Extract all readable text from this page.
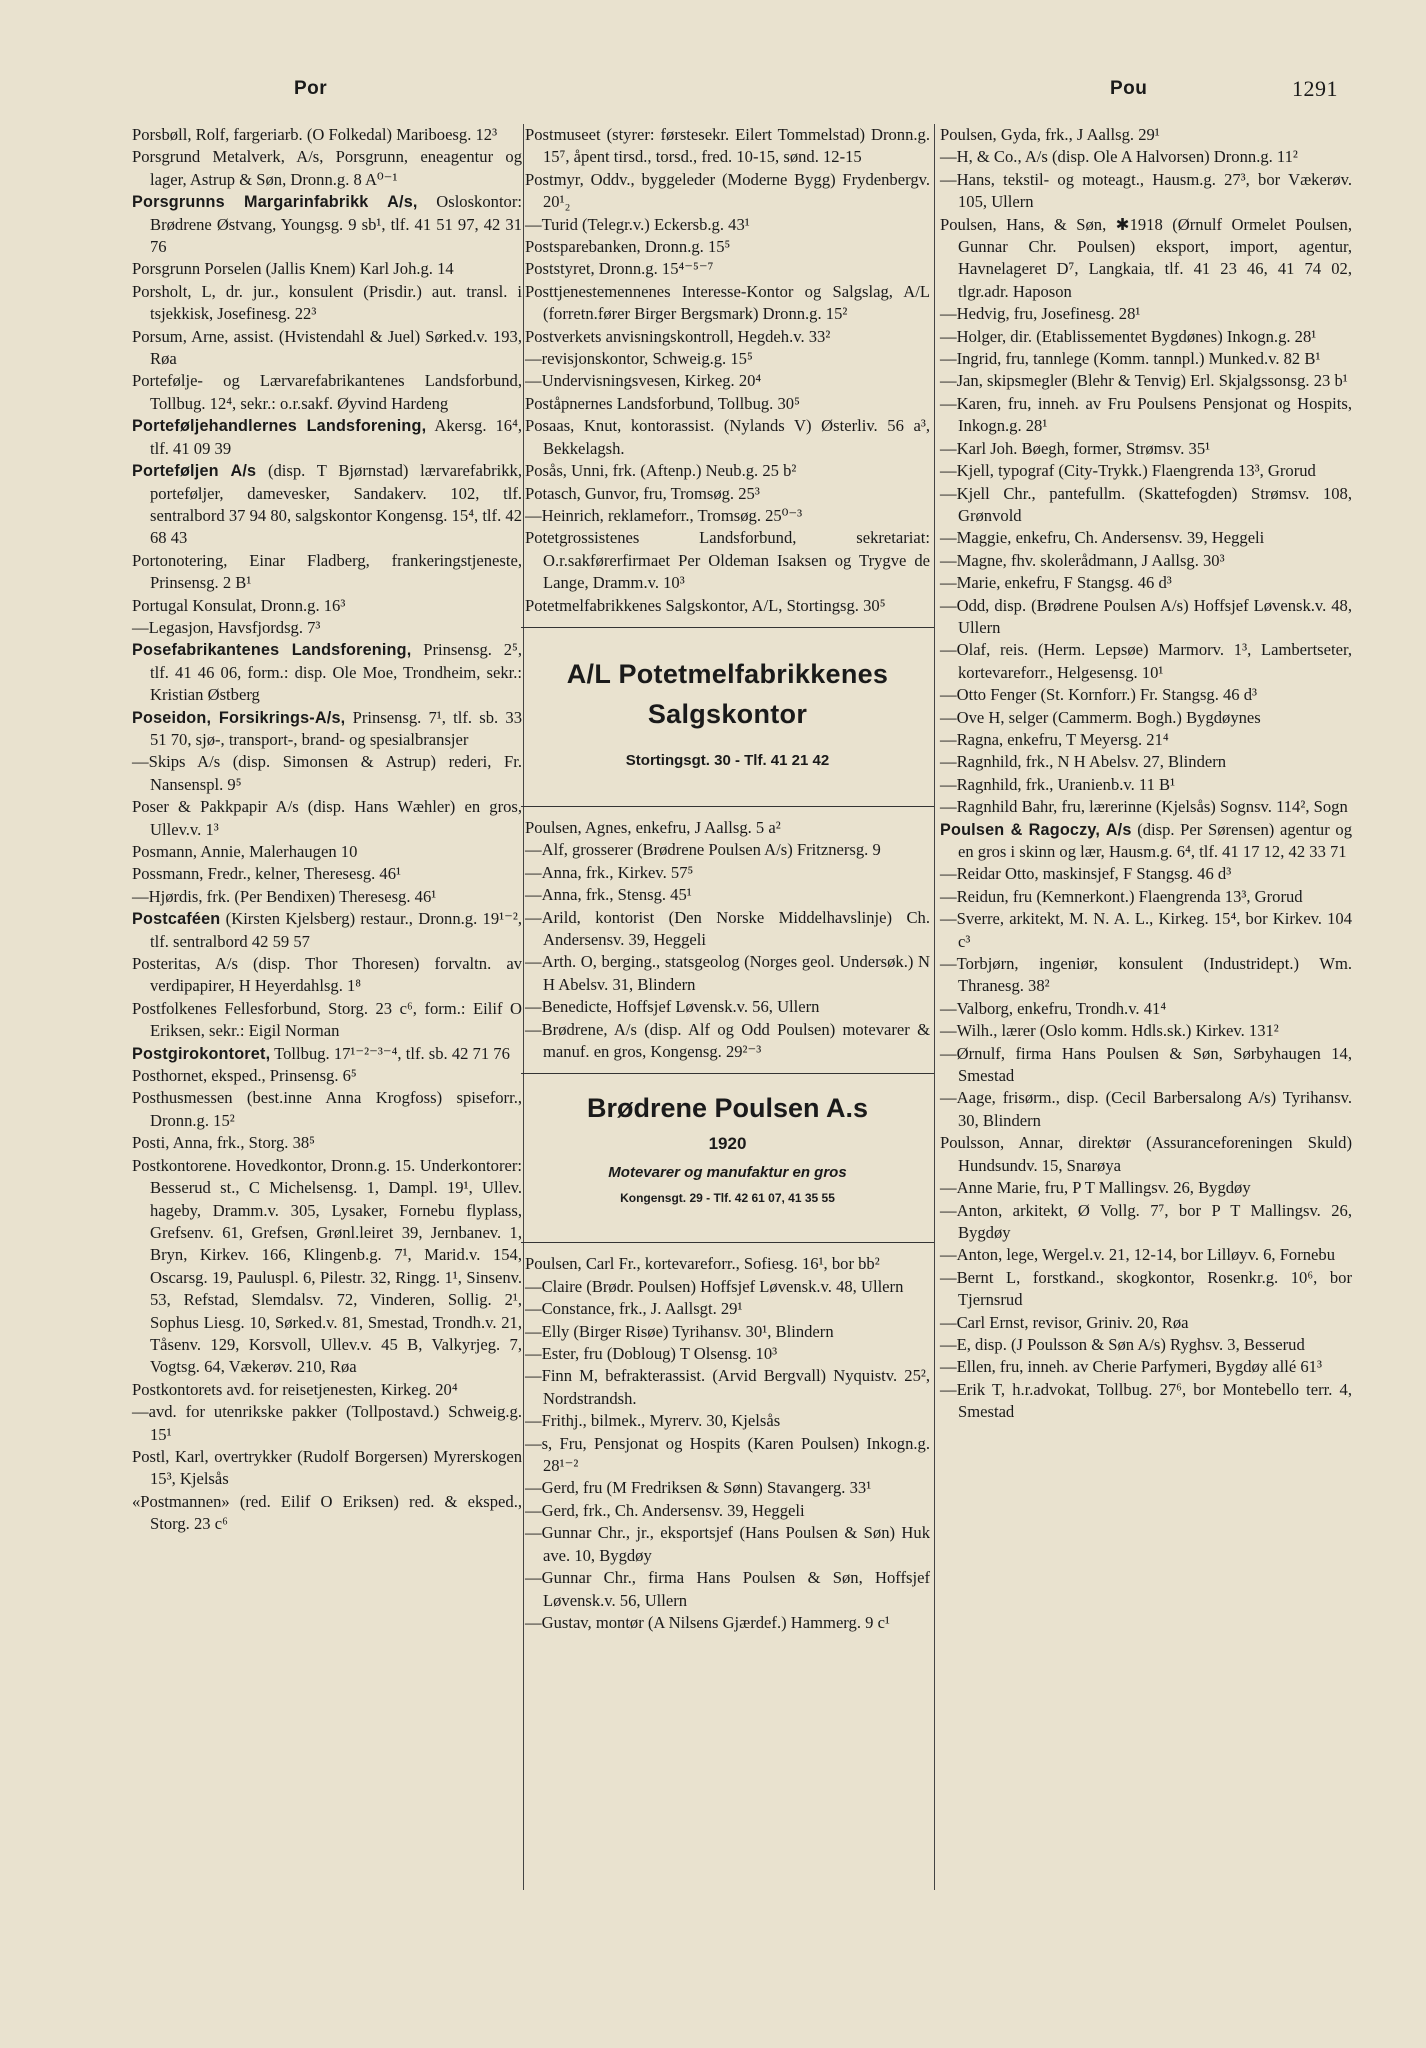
Por	Pou	1291

Porsbøll, Rolf, fargeriarb. (O Folkedal) Mariboesg. 12³

Porsgrund Metalverk, A/s, Porsgrunn, eneagentur og lager, Astrup & Søn, Dronn.g. 8 A⁰⁻¹

Porsgrunns Margarinfabrikk A/s, Osloskontor: Brødrene Østvang, Youngsg. 9 sb¹, tlf. 41 51 97, 42 31 76

Porsgrunn Porselen (Jallis Knem) Karl Joh.g. 14

Porsholt, L, dr. jur., konsulent (Prisdir.) aut. transl. i tsjekkisk, Josefinesg. 22³

Porsum, Arne, assist. (Hvistendahl & Juel) Sørked.v. 193, Røa

Portefølje- og Lærvarefabrikantenes Landsforbund, Tollbug. 12⁴, sekr.: o.r.sakf. Øyvind Hardeng

Porteføljehandlernes Landsforening, Akersg. 16⁴, tlf. 41 09 39

Porteføljen A/s (disp. T Bjørnstad) lærvarefabrikk, porteføljer, damevesker, Sandakerv. 102, tlf. sentralbord 37 94 80, salgskontor Kongensg. 15⁴, tlf. 42 68 43

Portonotering, Einar Fladberg, frankeringstjeneste, Prinsensg. 2 B¹

Portugal Konsulat, Dronn.g. 16³

—Legasjon, Havsfjordsg. 7³

Posefabrikantenes Landsforening, Prinsensg. 2⁵, tlf. 41 46 06, form.: disp. Ole Moe, Trondheim, sekr.: Kristian Østberg

Poseidon, Forsikrings-A/s, Prinsensg. 7¹, tlf. sb. 33 51 70, sjø-, transport-, brand- og spesialbransjer

—Skips A/s (disp. Simonsen & Astrup) rederi, Fr. Nansenspl. 9⁵

Poser & Pakkpapir A/s (disp. Hans Wæhler) en gros, Ullev.v. 1³

Posmann, Annie, Malerhaugen 10

Possmann, Fredr., kelner, Theresesg. 46¹

—Hjørdis, frk. (Per Bendixen) Theresesg. 46¹

Postcaféen (Kirsten Kjelsberg) restaur., Dronn.g. 19¹⁻², tlf. sentralbord 42 59 57

Posteritas, A/s (disp. Thor Thoresen) forvaltn. av verdipapirer, H Heyerdahlsg. 1⁸

Postfolkenes Fellesforbund, Storg. 23 c⁶, form.: Eilif O Eriksen, sekr.: Eigil Norman

Postgirokontoret, Tollbug. 17¹⁻²⁻³⁻⁴, tlf. sb. 42 71 76

Posthornet, eksped., Prinsensg. 6⁵

Posthusmessen (best.inne Anna Krogfoss) spiseforr., Dronn.g. 15²

Posti, Anna, frk., Storg. 38⁵

Postkontorene. Hovedkontor, Dronn.g. 15. Underkontorer: Besserud st., C Michelsensg. 1, Dampl. 19¹, Ullev. hageby, Dramm.v. 305, Lysaker, Fornebu flyplass, Grefsenv. 61, Grefsen, Grønl.leiret 39, Jernbanev. 1, Bryn, Kirkev. 166, Klingenb.g. 7¹, Marid.v. 154, Oscarsg. 19, Pauluspl. 6, Pilestr. 32, Ringg. 1¹, Sinsenv. 53, Refstad, Slemdalsv. 72, Vinderen, Sollig. 2¹, Sophus Liesg. 10, Sørked.v. 81, Smestad, Trondh.v. 21, Tåsenv. 129, Korsvoll, Ullev.v. 45 B, Valkyrjeg. 7, Vogtsg. 64, Vækerøv. 210, Røa

Postkontorets avd. for reisetjenesten, Kirkeg. 20⁴

—avd. for utenrikske pakker (Tollpostavd.) Schweig.g. 15¹

Postl, Karl, overtrykker (Rudolf Borgersen) Myrerskogen 15³, Kjelsås

«Postmannen» (red. Eilif O Eriksen) red. & eksped., Storg. 23 c⁶

Postmuseet (styrer: førstesekr. Eilert Tommelstad) Dronn.g. 15⁷, åpent tirsd., torsd., fred. 10-15, sønd. 12-15

Postmyr, Oddv., byggeleder (Moderne Bygg) Frydenbergv. 20¹₂

—Turid (Telegr.v.) Eckersb.g. 43¹

Postsparebanken, Dronn.g. 15⁵

Poststyret, Dronn.g. 15⁴⁻⁵⁻⁷

Posttjenestemennenes Interesse-Kontor og Salgslag, A/L (forretn.fører Birger Bergsmark) Dronn.g. 15²

Postverkets anvisningskontroll, Hegdeh.v. 33²

—revisjonskontor, Schweig.g. 15⁵

—Undervisningsvesen, Kirkeg. 20⁴

Poståpnernes Landsforbund, Tollbug. 30⁵

Posaas, Knut, kontorassist. (Nylands V) Østerliv. 56 a³, Bekkelagsh.

Posås, Unni, frk. (Aftenp.) Neub.g. 25 b²

Potasch, Gunvor, fru, Tromsøg. 25³

—Heinrich, reklameforr., Tromsøg. 25⁰⁻³

Potetgrossistenes Landsforbund, sekretariat: O.r.sakførerfirmaet Per Oldeman Isaksen og Trygve de Lange, Dramm.v. 10³

Potetmelfabrikkenes Salgskontor, A/L, Stortingsg. 30⁵

A/L Potetmelfabrikkenes
Salgskontor
Stortingsgt. 30 - Tlf. 41 21 42

Poulsen, Agnes, enkefru, J Aallsg. 5 a²

—Alf, grosserer (Brødrene Poulsen A/s) Fritznersg. 9

—Anna, frk., Kirkev. 57⁵

—Anna, frk., Stensg. 45¹

—Arild, kontorist (Den Norske Middelhavslinje) Ch. Andersensv. 39, Heggeli

—Arth. O, berging., statsgeolog (Norges geol. Undersøk.) N H Abelsv. 31, Blindern

—Benedicte, Hoffsjef Løvensk.v. 56, Ullern

—Brødrene, A/s (disp. Alf og Odd Poulsen) motevarer & manuf. en gros, Kongensg. 29²⁻³

Brødrene Poulsen A.s
1920
Motevarer og manufaktur en gros
Kongensgt. 29 - Tlf. 42 61 07, 41 35 55

Poulsen, Carl Fr., kortevareforr., Sofiesg. 16¹, bor bb²

—Claire (Brødr. Poulsen) Hoffsjef Løvensk.v. 48, Ullern

—Constance, frk., J. Aallsgt. 29¹

—Elly (Birger Risøe) Tyrihansv. 30¹, Blindern

—Ester, fru (Dobloug) T Olsensg. 10³

—Finn M, befrakterassist. (Arvid Bergvall) Nyquistv. 25², Nordstrandsh.

—Frithj., bilmek., Myrerv. 30, Kjelsås

—s, Fru, Pensjonat og Hospits (Karen Poulsen) Inkogn.g. 28¹⁻²

—Gerd, fru (M Fredriksen & Sønn) Stavangerg. 33¹

—Gerd, frk., Ch. Andersensv. 39, Heggeli

—Gunnar Chr., jr., eksportsjef (Hans Poulsen & Søn) Huk ave. 10, Bygdøy

—Gunnar Chr., firma Hans Poulsen & Søn, Hoffsjef Løvensk.v. 56, Ullern

—Gustav, montør (A Nilsens Gjærdef.) Hammerg. 9 c¹

Poulsen, Gyda, frk., J Aallsg. 29¹

—H, & Co., A/s (disp. Ole A Halvorsen) Dronn.g. 11²

—Hans, tekstil- og moteagt., Hausm.g. 27³, bor Vækerøv. 105, Ullern

Poulsen, Hans, & Søn, ✱1918 (Ørnulf Ormelet Poulsen, Gunnar Chr. Poulsen) eksport, import, agentur, Havnelageret D⁷, Langkaia, tlf. 41 23 46, 41 74 02, tlgr.adr. Haposon

—Hedvig, fru, Josefinesg. 28¹

—Holger, dir. (Etablissementet Bygdønes) Inkogn.g. 28¹

—Ingrid, fru, tannlege (Komm. tannpl.) Munked.v. 82 B¹

—Jan, skipsmegler (Blehr & Tenvig) Erl. Skjalgssonsg. 23 b¹

—Karen, fru, inneh. av Fru Poulsens Pensjonat og Hospits, Inkogn.g. 28¹

—Karl Joh. Bøegh, former, Strømsv. 35¹

—Kjell, typograf (City-Trykk.) Flaengrenda 13³, Grorud

—Kjell Chr., pantefullm. (Skattefogden) Strømsv. 108, Grønvold

—Maggie, enkefru, Ch. Andersensv. 39, Heggeli

—Magne, fhv. skolerådmann, J Aallsg. 30³

—Marie, enkefru, F Stangsg. 46 d³

—Odd, disp. (Brødrene Poulsen A/s) Hoffsjef Løvensk.v. 48, Ullern

—Olaf, reis. (Herm. Lepsøe) Marmorv. 1³, Lambertseter, kortevareforr., Helgesensg. 10¹

—Otto Fenger (St. Kornforr.) Fr. Stangsg. 46 d³

—Ove H, selger (Cammerm. Bogh.) Bygdøynes

—Ragna, enkefru, T Meyersg. 21⁴

—Ragnhild, frk., N H Abelsv. 27, Blindern

—Ragnhild, frk., Uranienb.v. 11 B¹

—Ragnhild Bahr, fru, lærerinne (Kjelsås) Sognsv. 114², Sogn

Poulsen & Ragoczy, A/s (disp. Per Sørensen) agentur og en gros i skinn og lær, Hausm.g. 6⁴, tlf. 41 17 12, 42 33 71

—Reidar Otto, maskinsjef, F Stangsg. 46 d³

—Reidun, fru (Kemnerkont.) Flaengrenda 13³, Grorud

—Sverre, arkitekt, M. N. A. L., Kirkeg. 15⁴, bor Kirkev. 104 c³

—Torbjørn, ingeniør, konsulent (Industridept.) Wm. Thranesg. 38²

—Valborg, enkefru, Trondh.v. 41⁴

—Wilh., lærer (Oslo komm. Hdls.sk.) Kirkev. 131²

—Ørnulf, firma Hans Poulsen & Søn, Sørbyhaugen 14, Smestad

—Aage, frisørm., disp. (Cecil Barbersalong A/s) Tyrihansv. 30, Blindern

Poulsson, Annar, direktør (Assuranceforeningen Skuld) Hundsundv. 15, Snarøya

—Anne Marie, fru, P T Mallingsv. 26, Bygdøy

—Anton, arkitekt, Ø Vollg. 7⁷, bor P T Mallingsv. 26, Bygdøy

—Anton, lege, Wergel.v. 21, 12-14, bor Lilløyv. 6, Fornebu

—Bernt L, forstkand., skogkontor, Rosenkr.g. 10⁶, bor Tjernsrud

—Carl Ernst, revisor, Griniv. 20, Røa

—E, disp. (J Poulsson & Søn A/s) Ryghsv. 3, Besserud

—Ellen, fru, inneh. av Cherie Parfymeri, Bygdøy allé 61³

—Erik T, h.r.advokat, Tollbug. 27⁶, bor Montebello terr. 4, Smestad
